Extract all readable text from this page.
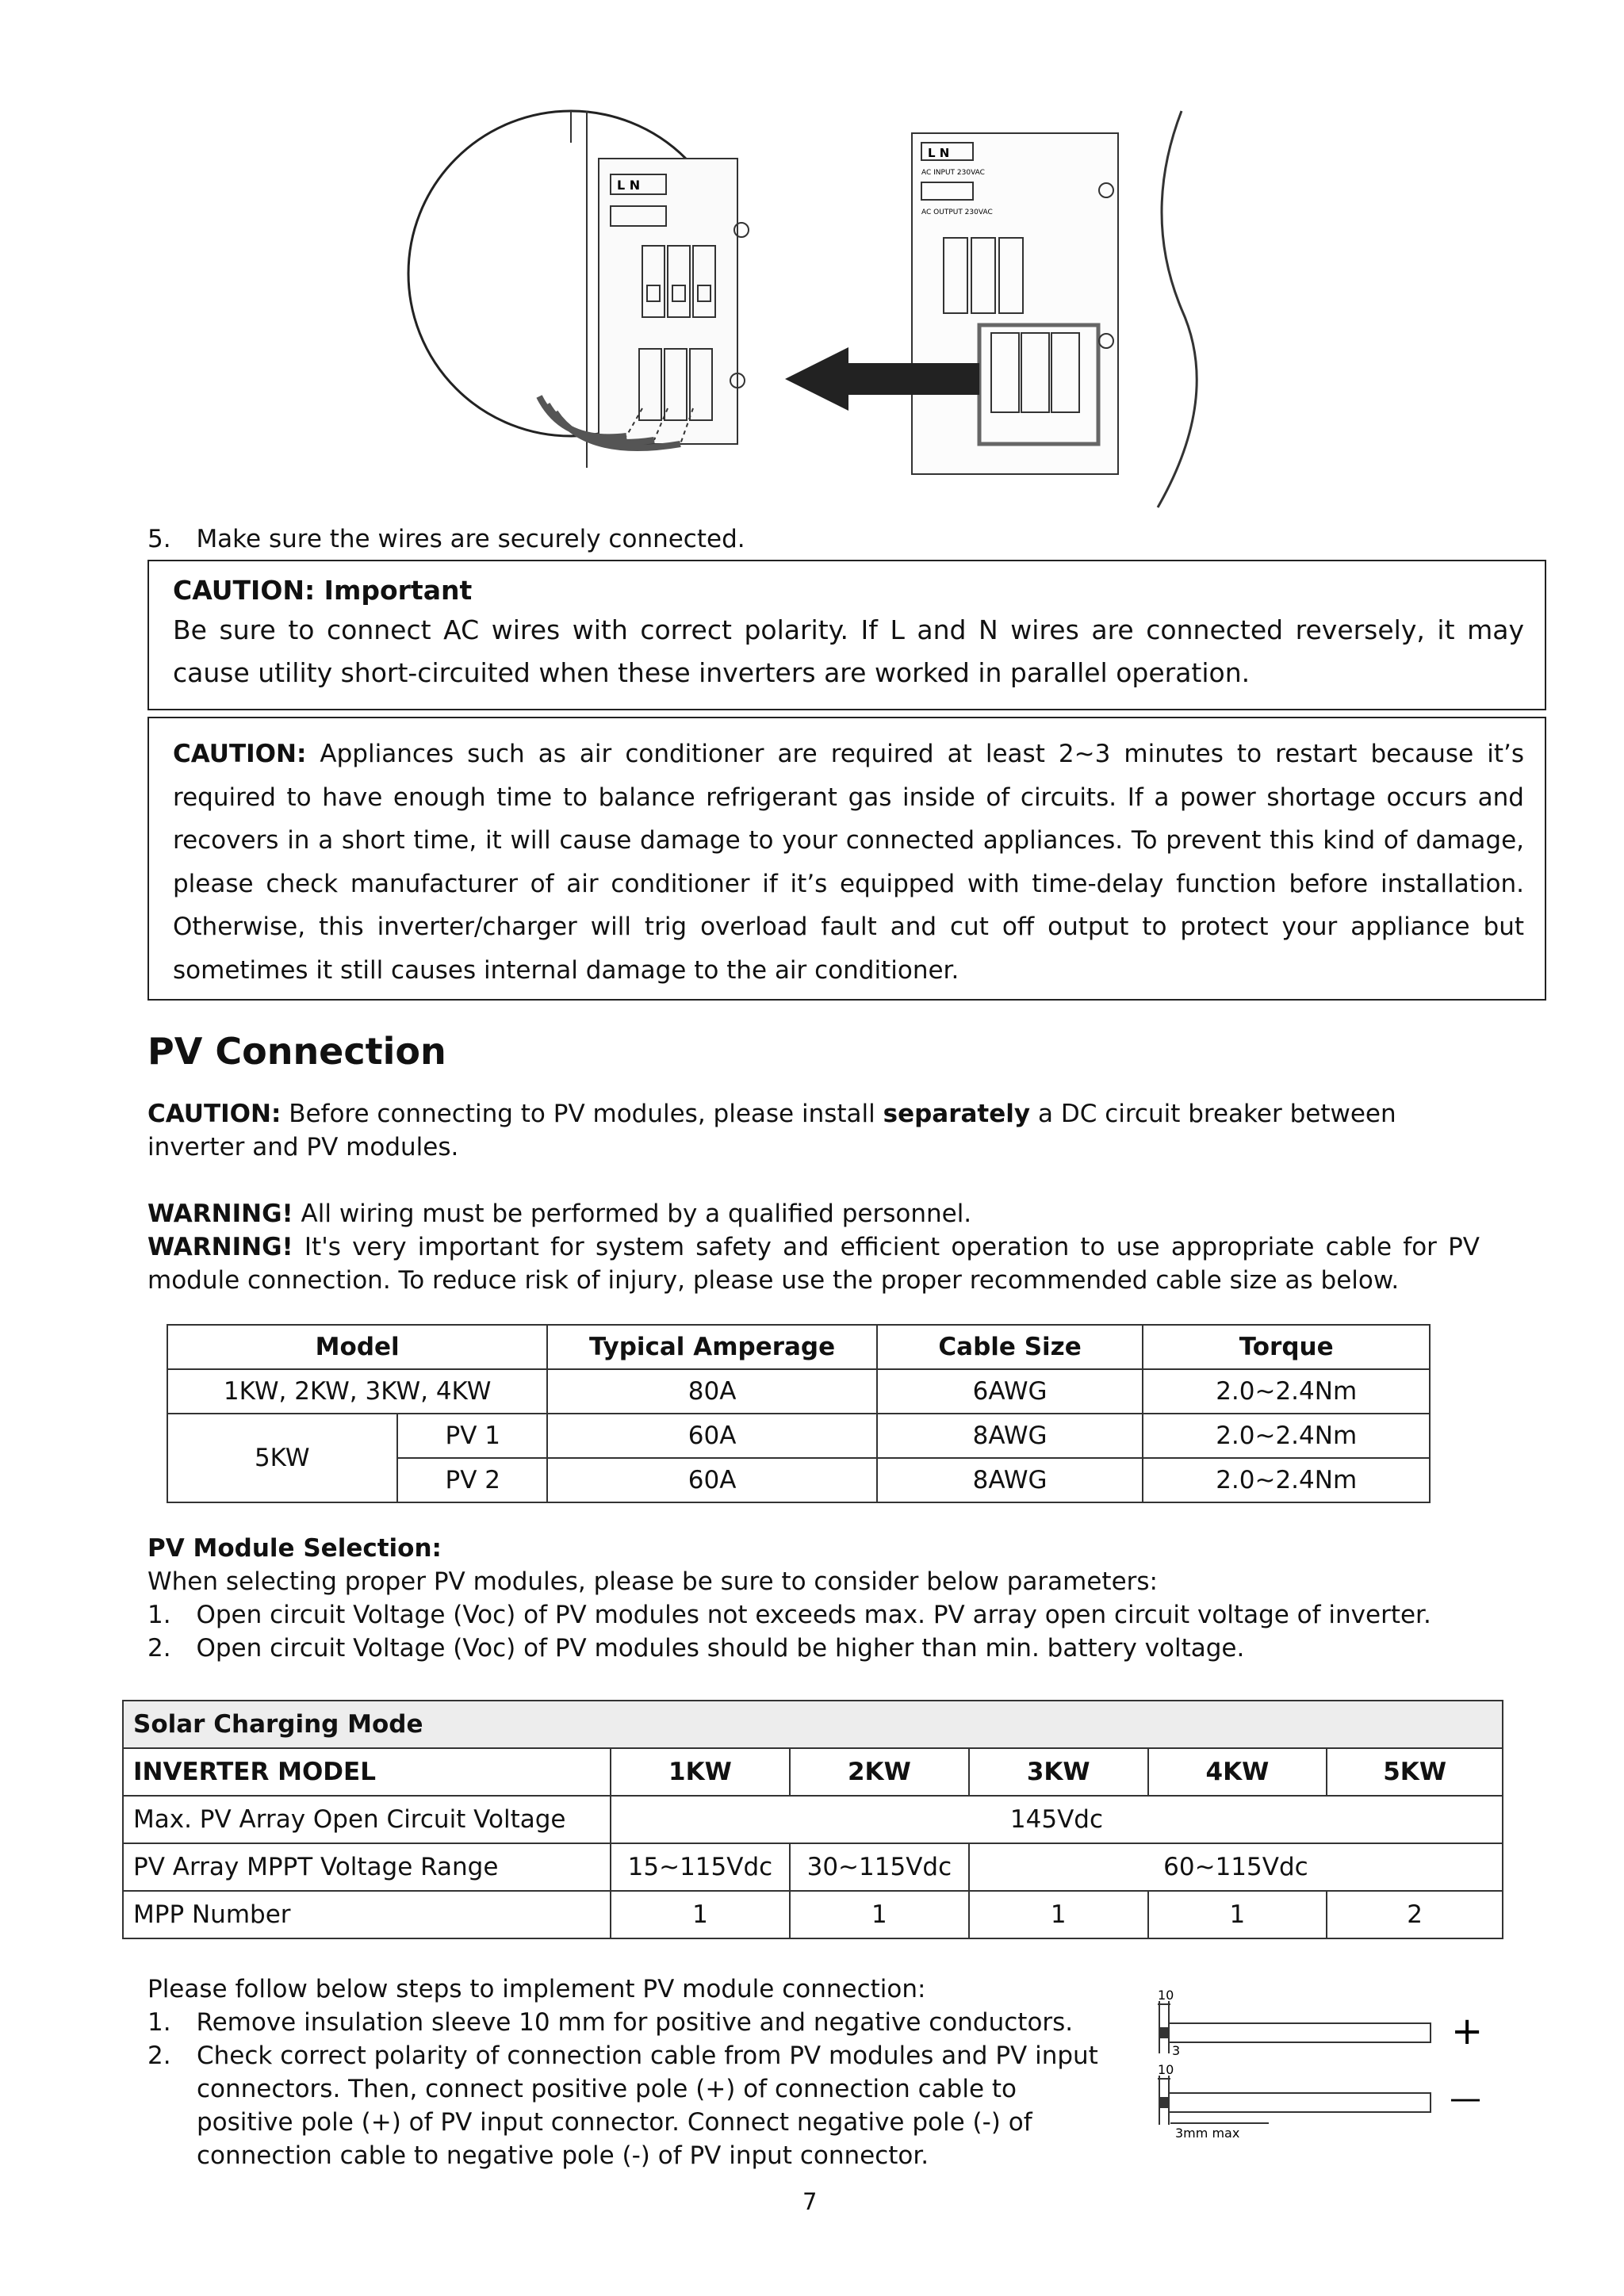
L N
L N
AC INPUT 230VAC
AC OUTPUT 230VAC
5. Make sure the wires are securely connected.
CAUTION: Important
Be sure to connect AC wires with correct polarity. If L and N wires are connected reversely, it may cause utility short-circuited when these inverters are worked in parallel operation.
CAUTION: Appliances such as air conditioner are required at least 2~3 minutes to restart because it’s required to have enough time to balance refrigerant gas inside of circuits. If a power shortage occurs and recovers in a short time, it will cause damage to your connected appliances. To prevent this kind of damage, please check manufacturer of air conditioner if it’s equipped with time-delay function before installation. Otherwise, this inverter/charger will trig overload fault and cut off output to protect your appliance but sometimes it still causes internal damage to the air conditioner.
PV Connection
CAUTION: Before connecting to PV modules, please install separately a DC circuit breaker between inverter and PV modules.
WARNING! All wiring must be performed by a qualified personnel.
WARNING! It's very important for system safety and efficient operation to use appropriate cable for PV module connection. To reduce risk of injury, please use the proper recommended cable size as below.
Model		Typical Amperage	Cable Size	Torque
1KW, 2KW, 3KW, 4KW		80A	6AWG	2.0~2.4Nm
5KW	PV 1	60A	8AWG	2.0~2.4Nm
	PV 2	60A	8AWG	2.0~2.4Nm
PV Module Selection:
When selecting proper PV modules, please be sure to consider below parameters:
1. Open circuit Voltage (Voc) of PV modules not exceeds max. PV array open circuit voltage of inverter.
2. Open circuit Voltage (Voc) of PV modules should be higher than min. battery voltage.
Solar Charging Mode					
INVERTER MODEL	1KW	2KW	3KW	4KW	5KW
Max. PV Array Open Circuit Voltage	145Vdc				
PV Array MPPT Voltage Range	15~115Vdc	30~115Vdc	60~115Vdc		
MPP Number	1	1	1	1	2
Please follow below steps to implement PV module connection:
1. Remove insulation sleeve 10 mm for positive and negative conductors.
2. Check correct polarity of connection cable from PV modules and PV input connectors. Then, connect positive pole (+) of connection cable to positive pole (+) of PV input connector. Connect negative pole (-) of connection cable to negative pole (-) of PV input connector.
10
3
10
3mm max
+
—
7
